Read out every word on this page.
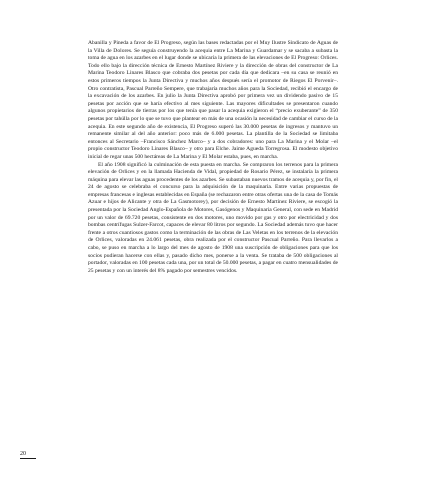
Abanilla y Pineda a favor de El Progreso, según las bases redactadas por el Muy Ilustre Sindicato de Aguas de la Villa de Dolores. Se seguía construyendo la acequia entre La Marina y Guardamar y se sacaba a subasta la toma de agua en los azarbes en el lugar donde se ubicaría la primera de las elevaciones de El Progreso: Orlices. Todo ello bajo la dirección técnica de Ernesto Martínez Riviere y la dirección de obras del constructor de La Marina Teodoro Linares Blasco que cobraba dos pesetas por cada día que dedicara –en su casa se reunió en estos primeros tiempos la Junta Directiva y muchos años después sería el promotor de Riegos El Porvenir–. Otro contratista, Pascual Parreño Sempere, que trabajaría muchos años para la Sociedad, recibió el encargo de la excavación de los azarbes. En julio la Junta Directiva aprobó por primera vez un dividendo pasivo de 15 pesetas por acción que se haría efectivo al mes siguiente. Las mayores dificultades se presentaron cuando algunos propietarios de tierras por los que tenía que pasar la acequia exigieron el “precio exuberante” de 350 pesetas por tahúlla por lo que se tuvo que plantear en más de una ocasión la necesidad de cambiar el curso de la acequia. En este segundo año de existencia, El Progreso superó las 30.000 pesetas de ingresos y mantuvo un remanente similar al del año anterior: poco más de 6.000 pesetas. La plantilla de la Sociedad se limitaba entonces al Secretario –Francisco Sánchez Marco– y a dos cobradores: uno para La Marina y el Molar –el propio constructor Teodoro Linares Blasco– y otro para Elche. Jaime Agueda Torregrosa. El modesto objetivo inicial de regar unas 500 hectáreas de La Marina y El Molar estaba, pues, en marcha.

El año 1908 significó la culminación de esta puesta en marcha. Se compraron los terrenos para la primera elevación de Orlices y en la llamada Hacienda de Vidal, propiedad de Rosario Pérez, se instalaría la primera máquina para elevar las aguas procedentes de los azarbes. Se subastaban nuevos tramos de acequia y, por fin, el 24 de agosto se celebraba el concurso para la adquisición de la maquinaria. Entre varias propuestas de empresas francesas e inglesas establecidas en España (se rechazaron entre otras ofertas una de la casa de Tomás Azuar e hijos de Alicante y otra de La Gasmotorey), por decisión de Ernesto Martínez Riviere, se escogió la presentada por la Sociedad Anglo-Española de Motores, Gasógenos y Maquinaria General, con sede en Madrid por un valor de 69.720 pesetas, consistente en dos motores, uno movido por gas y otro por electricidad y dos bombas centrífugas Sulzer-Farcot, capaces de elevar 80 litros por segundo. La Sociedad además tuvo que hacer frente a otros cuantiosos gastos como la terminación de las obras de Las Veletas en los terrenos de la elevación de Orlices, valoradas en 24.061 pesetas, obra realizada por el constructor Pascual Parreño. Para llevarlos a cabo, se puso en marcha a lo largo del mes de agosto de 1908 una suscripción de obligaciones para que los socios pudieran hacerse con ellas y, pasado dicho mes, ponerse a la venta. Se trataba de 500 obligaciones al portador, valoradas en 100 pesetas cada una, por un total de 50.000 pesetas, a pagar en cuatro mensualidades de 25 pesetas y con un interés del 8% pagado por semestres vencidos.

20
